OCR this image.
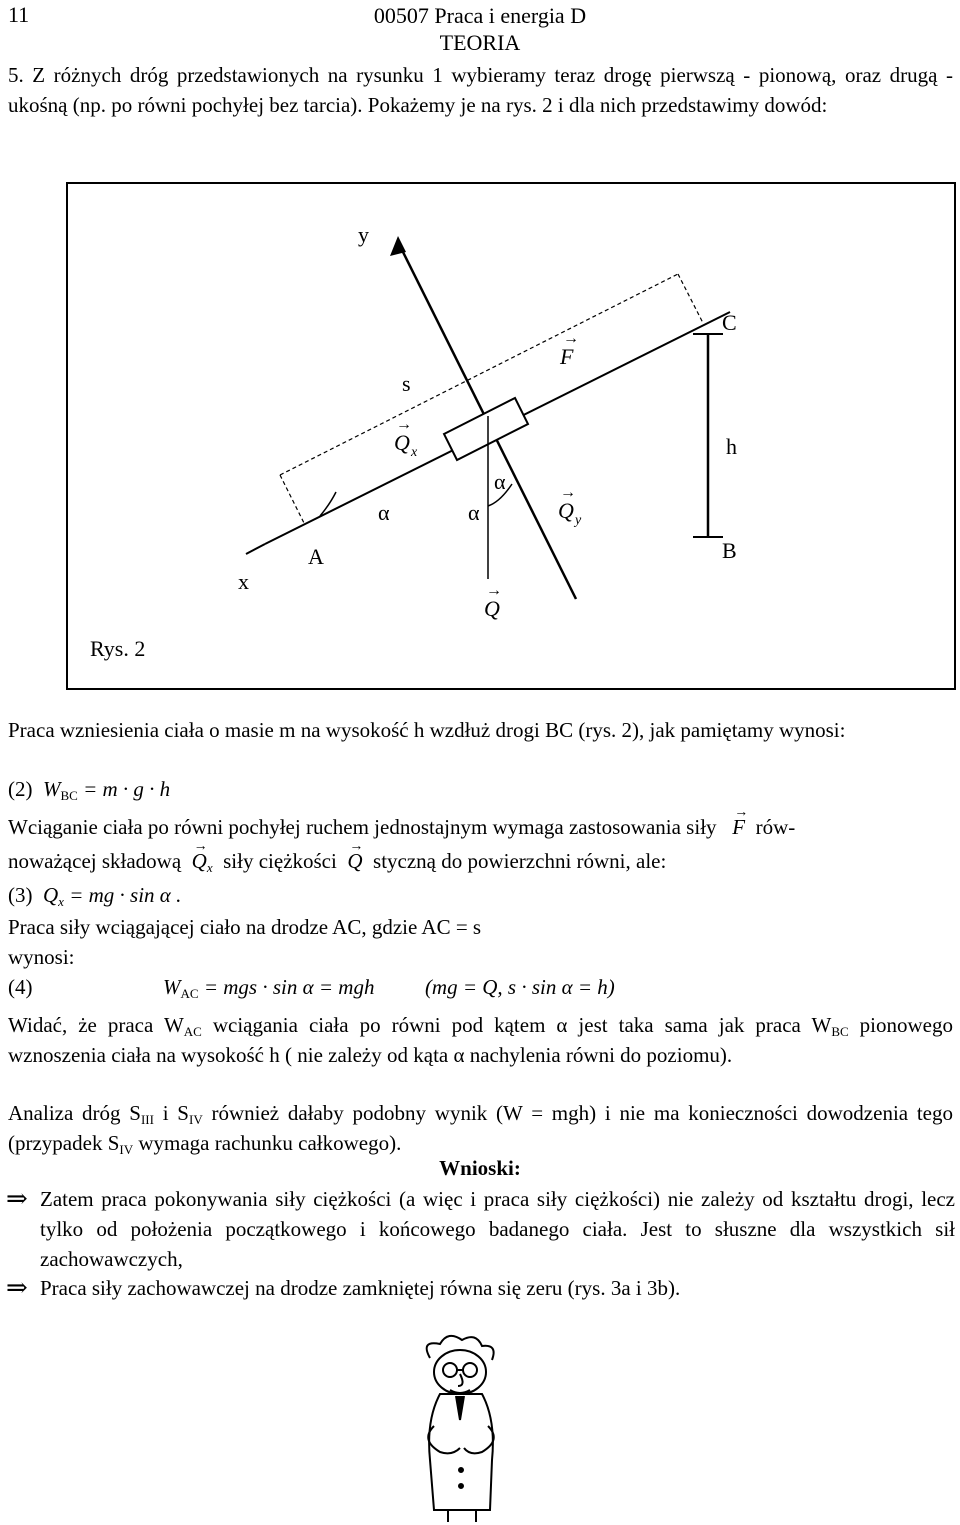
11	00507 Praca i energia D
TEORIA
5. Z różnych dróg przedstawionych na rysunku 1 wybieramy teraz drogę pierwszą - pionową, oraz drugą - ukośną (np. po równi pochyłej bez tarcia). Pokażemy je na rys. 2 i dla nich przedstawimy dowód:
y
x
s
A	B
C
h
F
→
Q x
→
Q y
→
Q
→
α
α	α
Rys. 2
Praca wzniesienia ciała o masie m na wysokość h wzdłuż drogi BC (rys. 2), jak pamiętamy wynosi:
(2) $W_{BC} = m \cdot g \cdot h$
Wciąganie ciała po równi pochyłej ruchem jednostajnym wymaga zastosowania siły → F rów-
noważącej składową → $Q_x$ siły ciężkości → Q styczną do powierzchni równi, ale:
(3) $Q_x$ = mg · sin α .
Praca siły wciągającej ciało na drodze AC, gdzie AC = s
wynosi:
(4)	$W_{AC}$ = mgs · sin α = mgh (mg = Q, s · sin α = h)
Widać, że praca $W_{AC}$ wciągania ciała po równi pod kątem α jest taka sama jak praca $W_{BC}$ pionowego wznoszenia ciała na wysokość h ( nie zależy od kąta α nachylenia równi do poziomu).
Analiza dróg $S_{III}$ i $S_{IV}$ również dałaby podobny wynik (W = mgh) i nie ma konieczności dowodzenia tego (przypadek $S_{IV}$ wymaga rachunku całkowego).
Wnioski:
⇒ Zatem praca pokonywania siły ciężkości (a więc i praca siły ciężkości) nie zależy od kształtu drogi, lecz tylko od położenia początkowego i końcowego badanego ciała. Jest to słuszne dla wszystkich sił zachowawczych,
⇒ Praca siły zachowawczej na drodze zamkniętej równa się zeru (rys. 3a i 3b).
